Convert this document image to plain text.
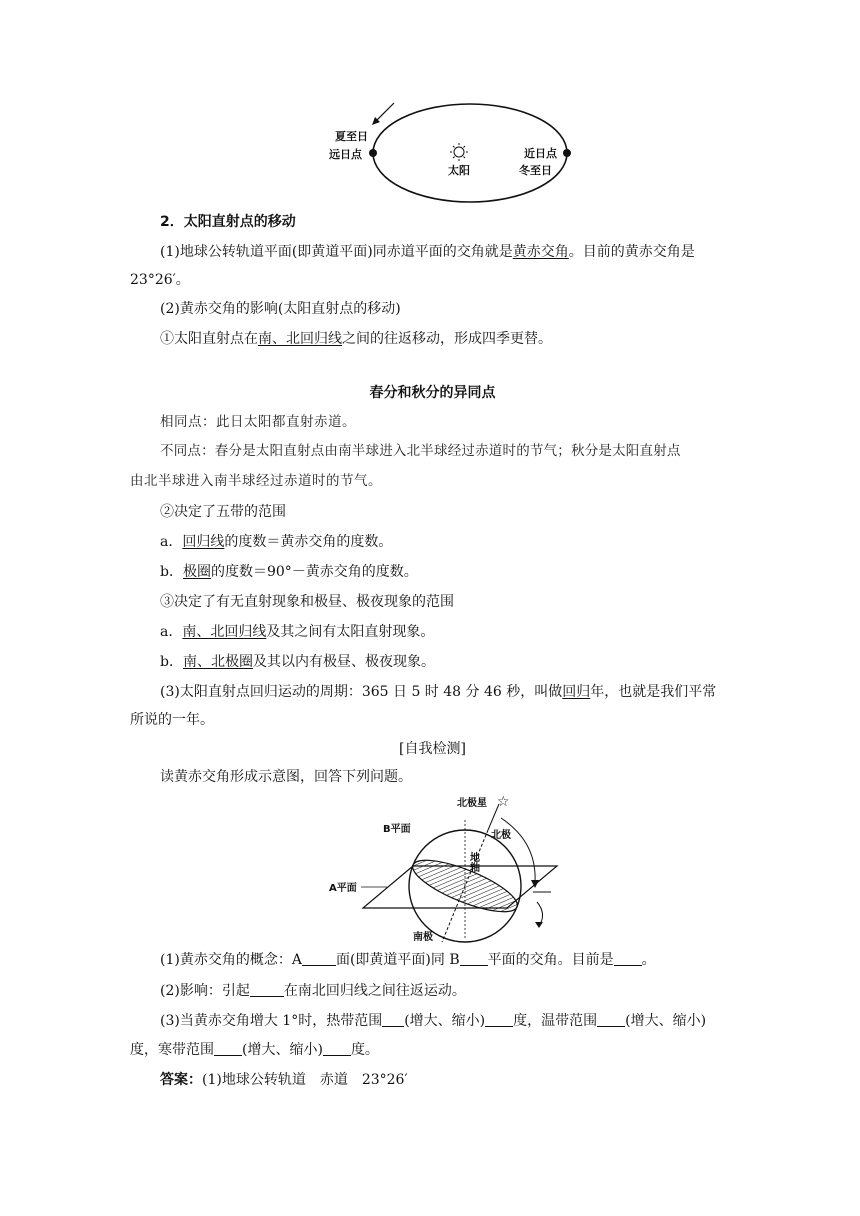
太阳
夏至日
远日点	近日点
冬至日
2．太阳直射点的移动
(1)地球公转轨道平面(即黄道平面)同赤道平面的交角就是黄赤交角。目前的黄赤交角是
23°26′。
(2)黄赤交角的影响(太阳直射点的移动)
①太阳直射点在南、北回归线之间的往返移动，形成四季更替。
春分和秋分的异同点
相同点：此日太阳都直射赤道。
不同点：春分是太阳直射点由南半球进入北半球经过赤道时的节气；秋分是太阳直射点
由北半球进入南半球经过赤道时的节气。
②决定了五带的范围
a．回归线的度数＝黄赤交角的度数。
b．极圈的度数＝90°－黄赤交角的度数。
③决定了有无直射现象和极昼、极夜现象的范围
a．南、北回归线及其之间有太阳直射现象。
b．南、北极圈及其以内有极昼、极夜现象。
(3)太阳直射点回归运动的周期：365 日 5 时 48 分 46 秒，叫做回归年，也就是我们平常
所说的一年。
[自我检测]
读黄赤交角形成示意图，回答下列问题。
☆
北极星
北极
B平面
地轴
A平面
南极
(1)黄赤交角的概念：A 面(即黄道平面)同 B 平面的交角。目前是 。
(2)影响：引起 在南北回归线之间往返运动。
(3)当黄赤交角增大 1°时，热带范围 (增大、缩小) 度，温带范围 (增大、缩小)
度，寒带范围 (增大、缩小) 度。
答案：(1)地球公转轨道　赤道　23°26′
